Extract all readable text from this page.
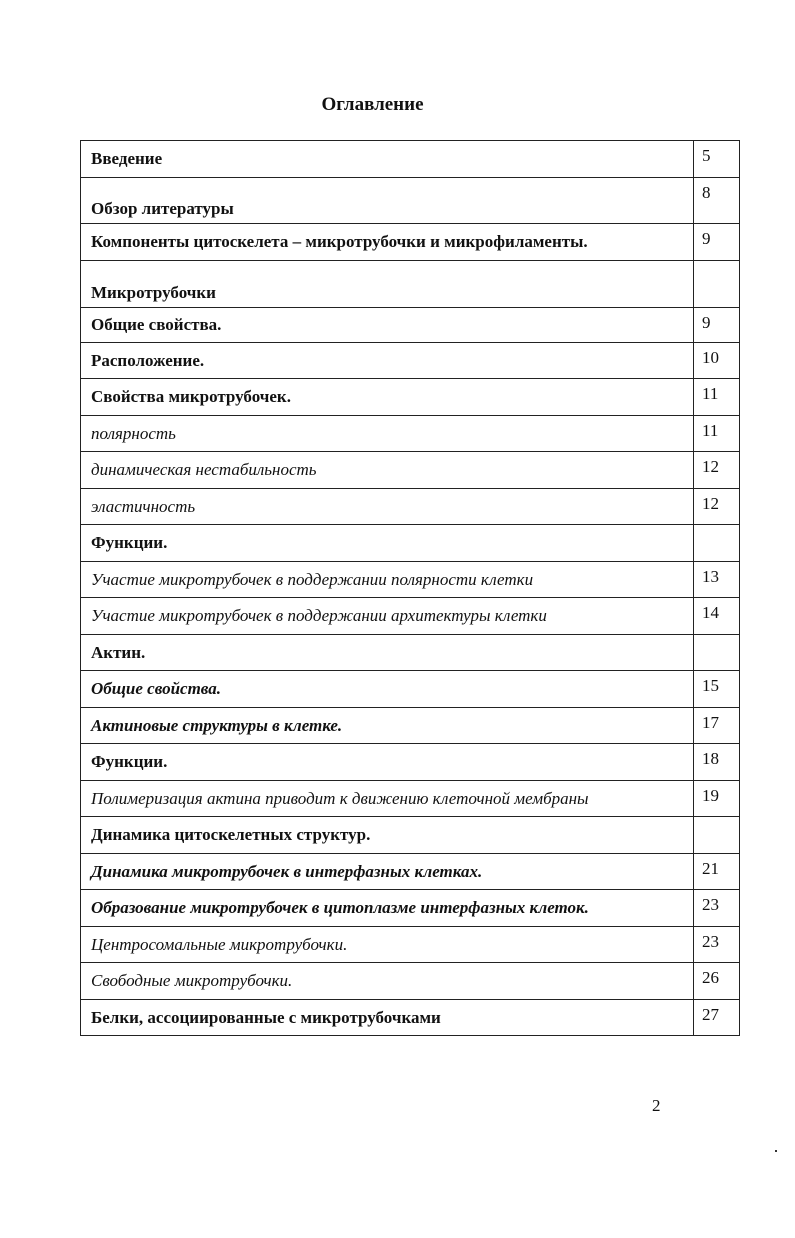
Оглавление
Введение	5
Обзор литературы	8
Компоненты цитоскелета – микротрубочки и микрофиламенты.	9
Микротрубочки	
Общие свойства.	9
Расположение.	10
Свойства микротрубочек.	11
полярность	11
динамическая нестабильность	12
эластичность	12
Функции.	
Участие микротрубочек в поддержании полярности клетки	13
Участие микротрубочек в поддержании архитектуры клетки	14
Актин.	
Общие свойства.	15
Актиновые структуры в клетке.	17
Функции.	18
Полимеризация актина приводит к движению клеточной мембраны	19
Динамика цитоскелетных структур.	
Динамика микротрубочек в интерфазных клетках.	21
Образование микротрубочек в цитоплазме интерфазных клеток.	23
Центросомальные микротрубочки.	23
Свободные микротрубочки.	26
Белки, ассоциированные с микротрубочками	27
2
